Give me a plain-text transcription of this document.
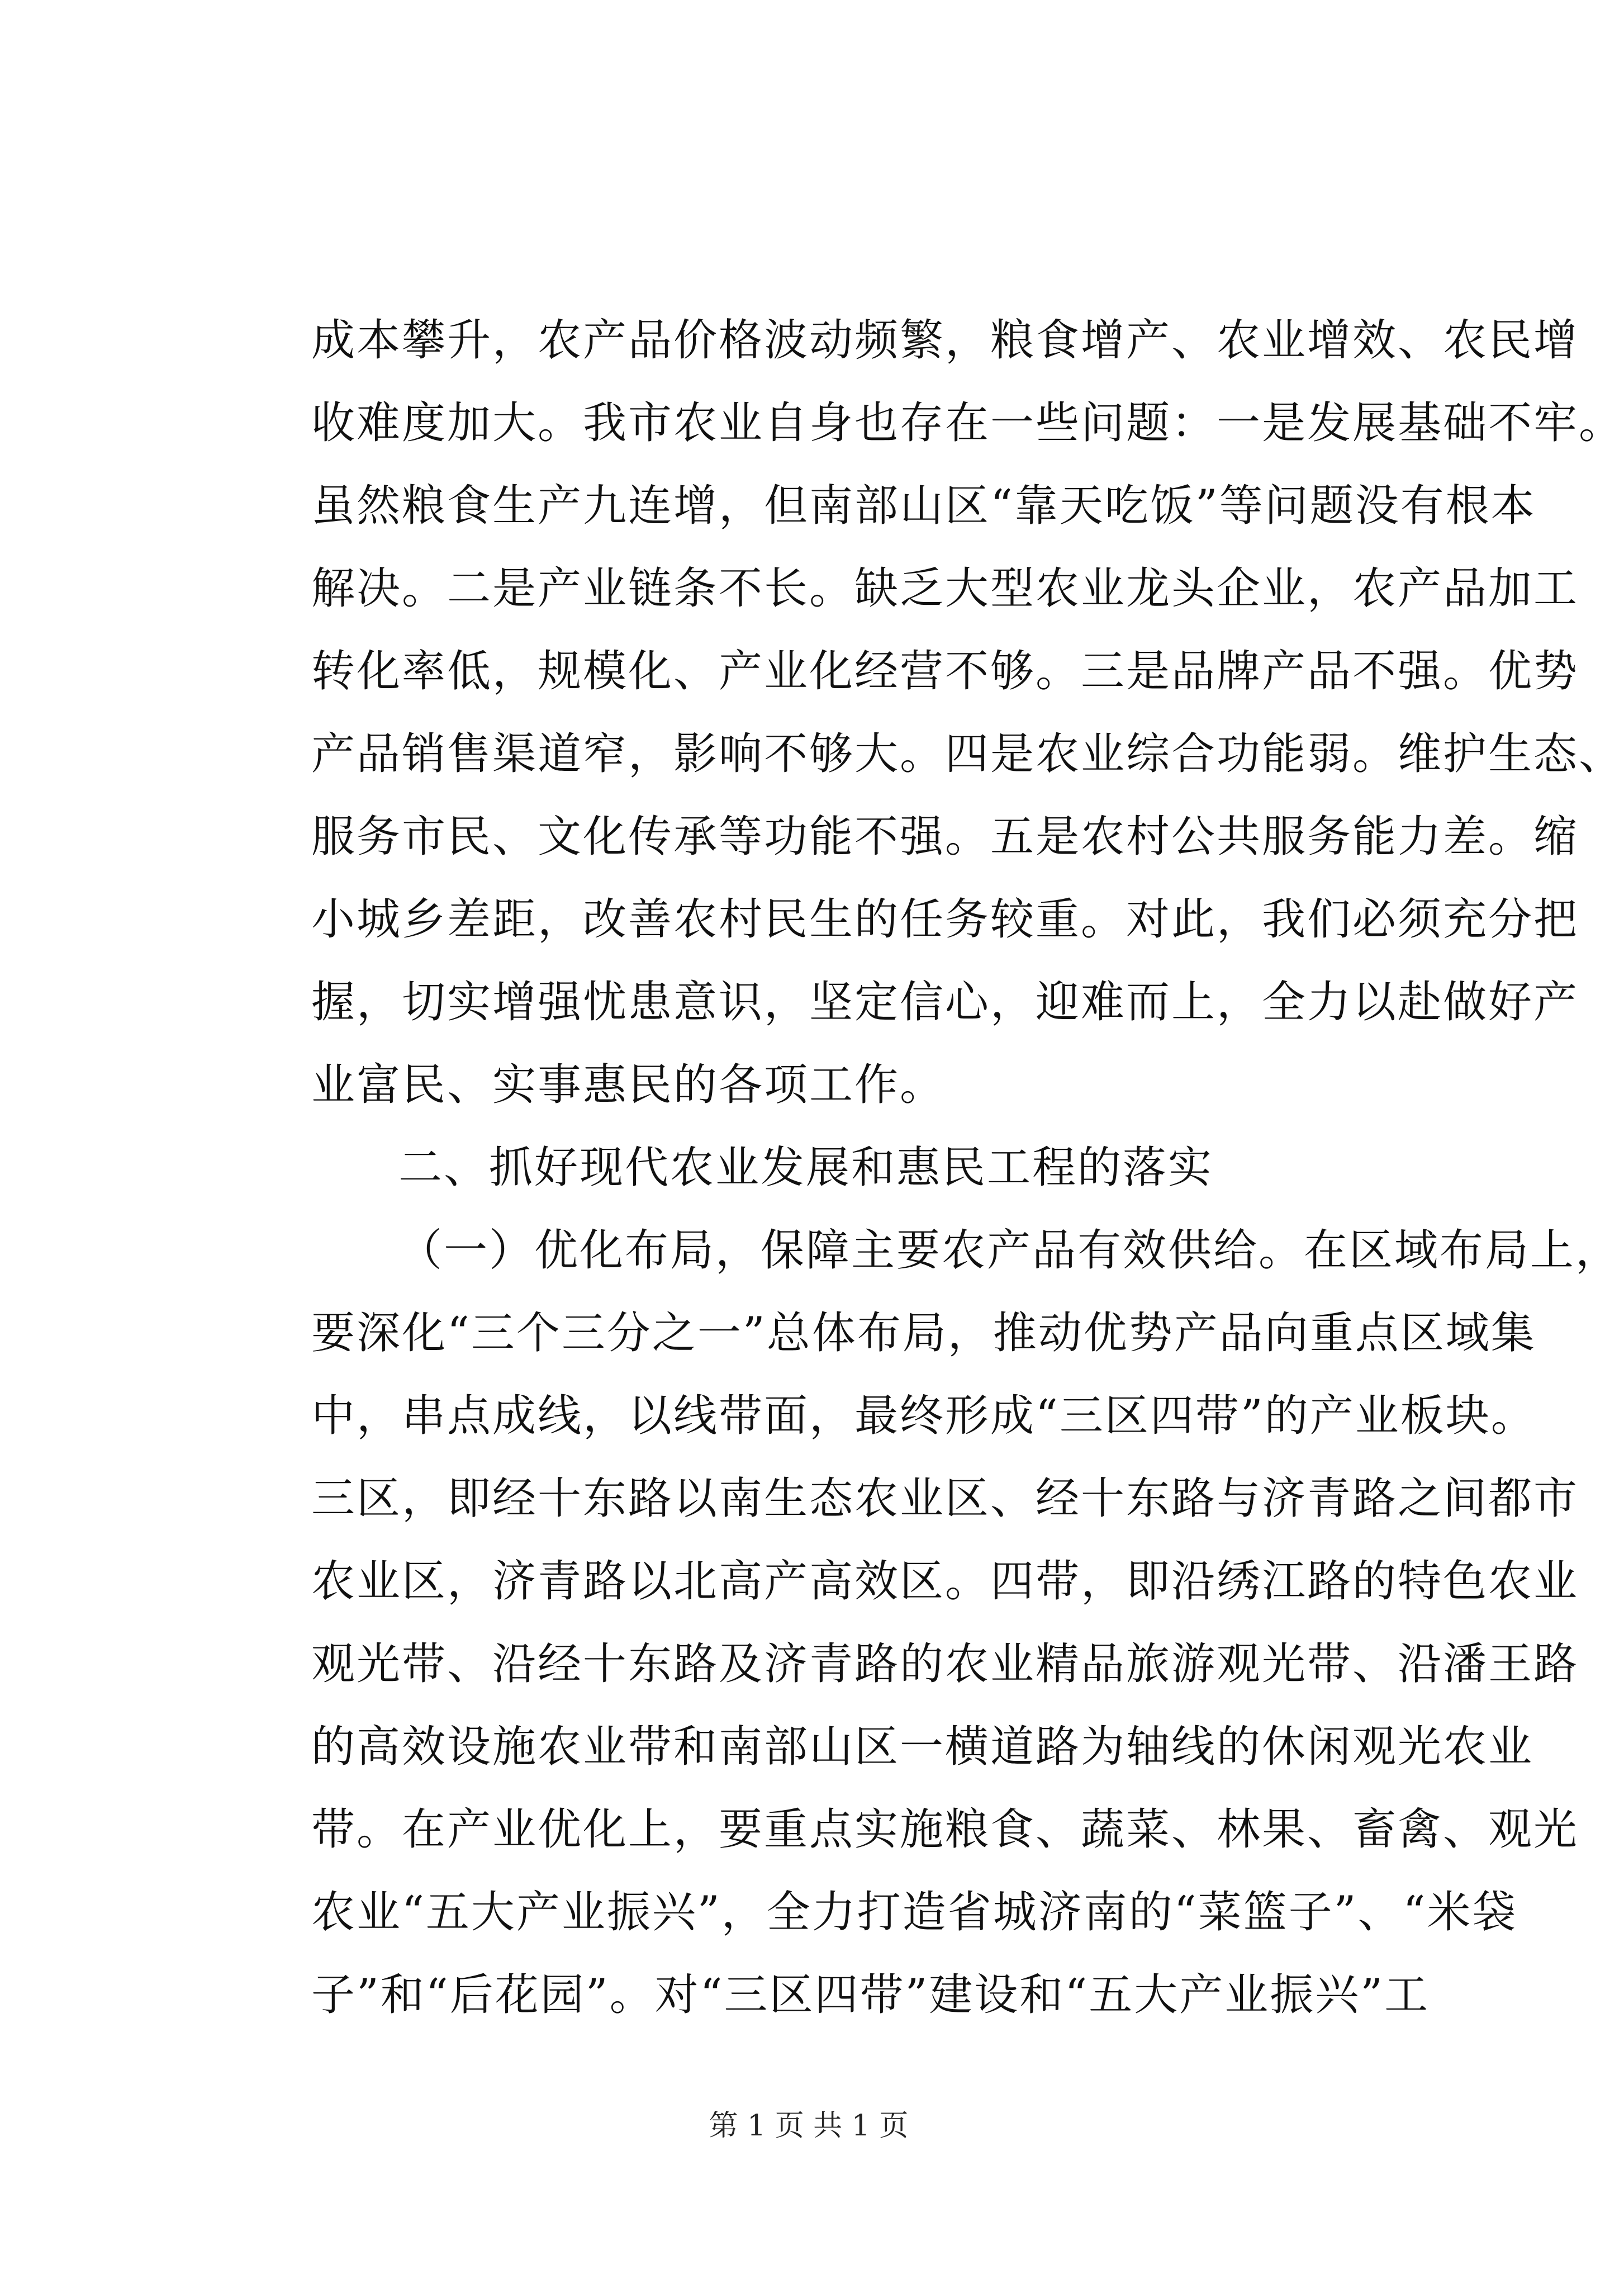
成本攀升，农产品价格波动频繁，粮食增产、农业增效、农民增
收难度加大。我市农业自身也存在一些问题：一是发展基础不牢。
虽然粮食生产九连增，但南部山区“靠天吃饭”等问题没有根本
解决。二是产业链条不长。缺乏大型农业龙头企业，农产品加工
转化率低，规模化、产业化经营不够。三是品牌产品不强。优势
产品销售渠道窄，影响不够大。四是农业综合功能弱。维护生态、
服务市民、文化传承等功能不强。五是农村公共服务能力差。缩
小城乡差距，改善农村民生的任务较重。对此，我们必须充分把
握，切实增强忧患意识，坚定信心，迎难而上，全力以赴做好产
业富民、实事惠民的各项工作。
二、抓好现代农业发展和惠民工程的落实
（一）优化布局，保障主要农产品有效供给。在区域布局上，
要深化“三个三分之一”总体布局，推动优势产品向重点区域集
中，串点成线，以线带面，最终形成“三区四带”的产业板块。
三区，即经十东路以南生态农业区、经十东路与济青路之间都市
农业区，济青路以北高产高效区。四带，即沿绣江路的特色农业
观光带、沿经十东路及济青路的农业精品旅游观光带、沿潘王路
的高效设施农业带和南部山区一横道路为轴线的休闲观光农业
带。在产业优化上，要重点实施粮食、蔬菜、林果、畜禽、观光
农业“五大产业振兴”，全力打造省城济南的“菜篮子”、“米袋
子”和“后花园”。对“三区四带”建设和“五大产业振兴”工
第 1 页 共 1 页
